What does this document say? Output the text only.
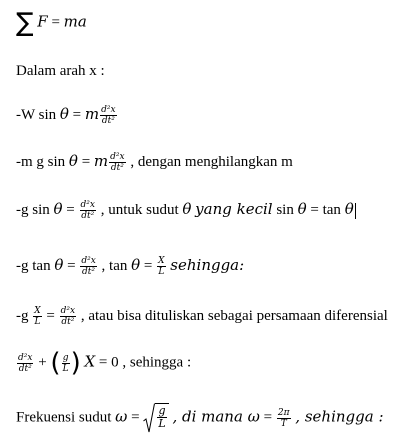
∑ F = ma
Dalam arah x :
-W sin θ = m $\frac{\text{d²x}}{\text{dt²}}$
-m g sin θ = m $\frac{\text{d²x}}{\text{dt²}}$ , dengan menghilangkan m
-g $\sin \theta = \frac{\text{d²x}}{\text{dt²}}$ , untuk sudut θ yang kecil sin θ = tan θ
-g $\tan \theta = \frac{\text{d²x}}{\text{dt²}}$ , $\tan \theta = \frac{X}{L}$ sehingga:
$-g \frac{X}{L} = \frac{\text{d²x}}{\text{dt²}}$ , atau bisa dituliskan sebagai persamaan diferensial
$\frac{\text{d²x}}{\text{dt²}}$ + ( $\frac{g}{L}$ ) X = 0 , sehingga :
Frekuensi sudut $\omega = \frac{g}{L}$ , di mana $\omega = \frac{2\pi}{T}$ , sehingga :
